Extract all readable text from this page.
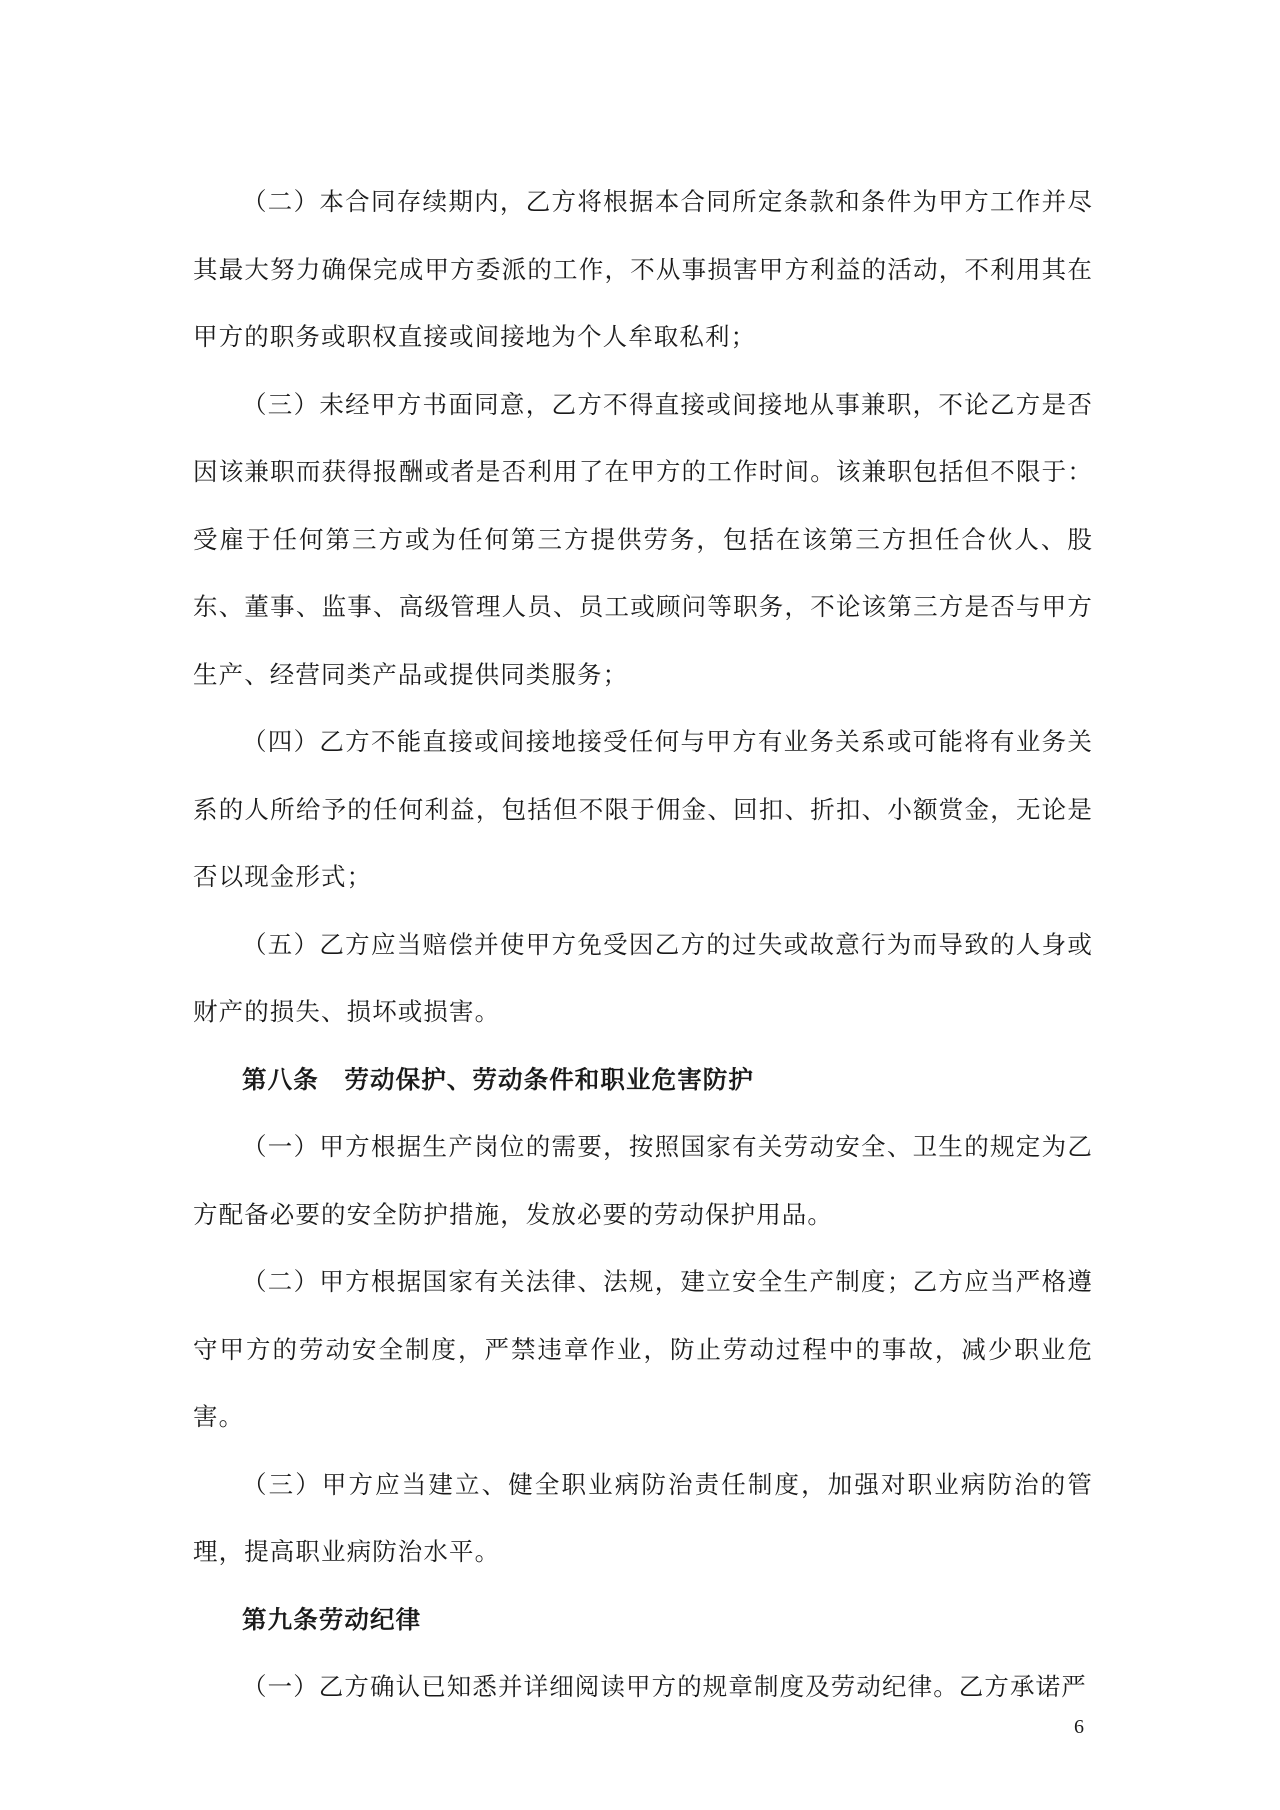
（二）本合同存续期内，乙方将根据本合同所定条款和条件为甲方工作并尽其最大努力确保完成甲方委派的工作，不从事损害甲方利益的活动，不利用其在甲方的职务或职权直接或间接地为个人牟取私利；

（三）未经甲方书面同意，乙方不得直接或间接地从事兼职，不论乙方是否因该兼职而获得报酬或者是否利用了在甲方的工作时间。该兼职包括但不限于：受雇于任何第三方或为任何第三方提供劳务，包括在该第三方担任合伙人、股东、董事、监事、高级管理人员、员工或顾问等职务，不论该第三方是否与甲方生产、经营同类产品或提供同类服务；

（四）乙方不能直接或间接地接受任何与甲方有业务关系或可能将有业务关系的人所给予的任何利益，包括但不限于佣金、回扣、折扣、小额赏金，无论是否以现金形式；

（五）乙方应当赔偿并使甲方免受因乙方的过失或故意行为而导致的人身或财产的损失、损坏或损害。

第八条　劳动保护、劳动条件和职业危害防护

（一）甲方根据生产岗位的需要，按照国家有关劳动安全、卫生的规定为乙方配备必要的安全防护措施，发放必要的劳动保护用品。

（二）甲方根据国家有关法律、法规，建立安全生产制度；乙方应当严格遵守甲方的劳动安全制度，严禁违章作业，防止劳动过程中的事故，减少职业危害。

（三）甲方应当建立、健全职业病防治责任制度，加强对职业病防治的管理，提高职业病防治水平。

第九条劳动纪律

（一）乙方确认已知悉并详细阅读甲方的规章制度及劳动纪律。乙方承诺严

6
